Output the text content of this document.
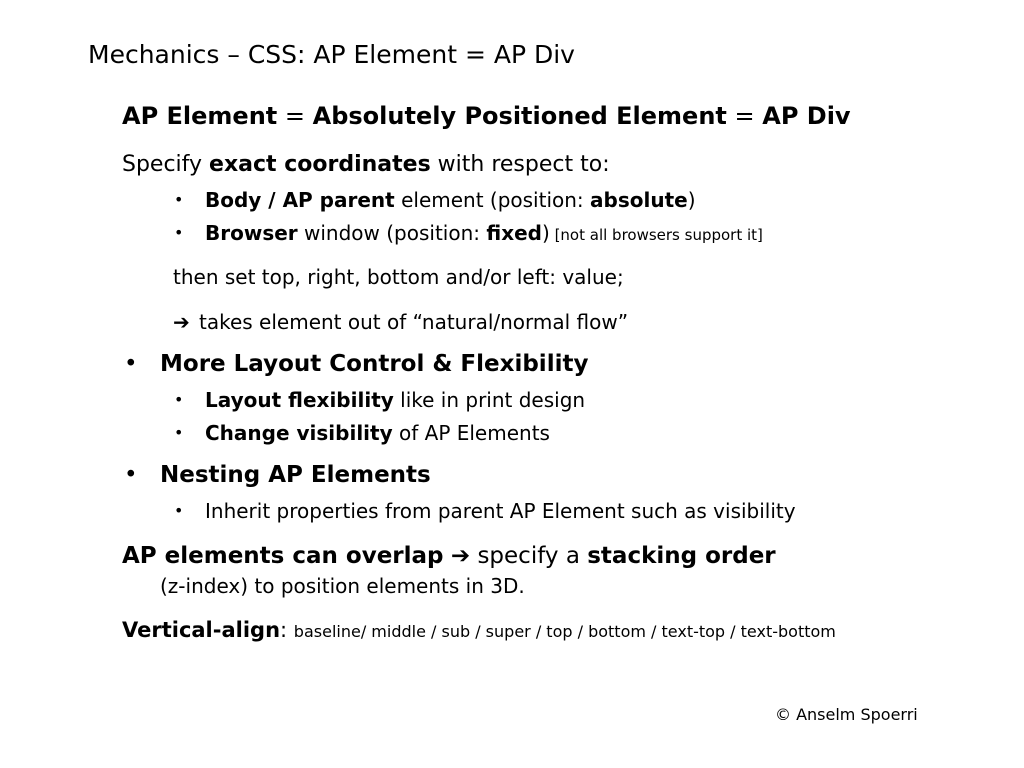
Mechanics – CSS: AP Element = AP Div
AP Element = Absolutely Positioned Element = AP Div
Specify exact coordinates with respect to:
• Body / AP parent element (position: absolute)
• Browser window (position: fixed) [not all browsers support it]
then set top, right, bottom and/or left: value;
➔ takes element out of “natural/normal flow”
• More Layout Control & Flexibility
• Layout flexibility like in print design
• Change visibility of AP Elements
• Nesting AP Elements
• Inherit properties from parent AP Element such as visibility
AP elements can overlap ➔ specify a stacking order
(z-index) to position elements in 3D.
Vertical-align: baseline/ middle / sub / super / top / bottom / text-top / text-bottom
© Anselm Spoerri
